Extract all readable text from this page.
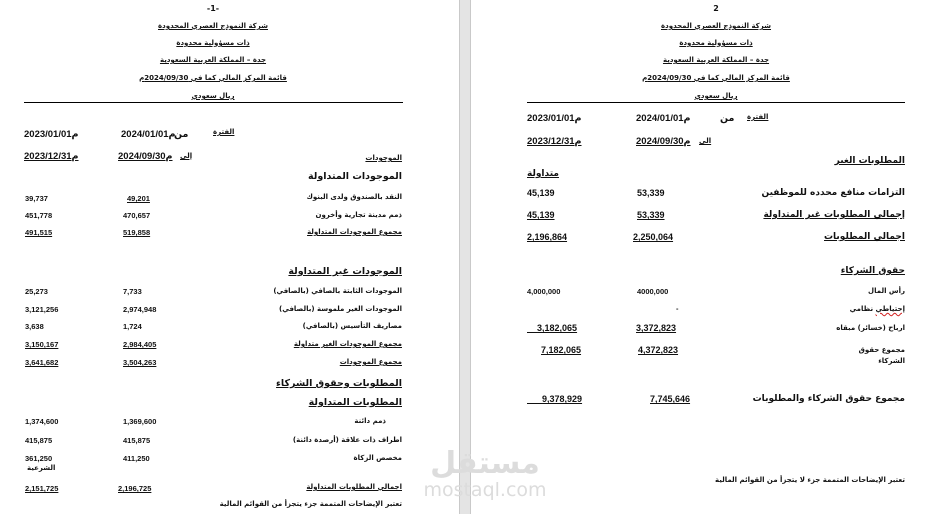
-1-
شركة النموذج العصري المحدودة
ذات مسؤولية محدودة
جدة – المملكة العربية السعودية
قائمة المركز المالي كما في 2024/09/30م
ريال سعودي
الفترة
من
2024/01/01م
2023/01/01م
إلى
2024/09/30م
2023/12/31م	الموجودات
الموجودات المتداولة
النقد بالصندوق ولدى البنوك
49,201
39,737
ذمم مدينة تجارية وأخرون
470,657
451,778
مجموع الموجودات المتداولة
519,858
491,515
الموجودات غير المتداولة
الموجودات الثابتة بالصافي (بالصافي)
7,733
25,273
الموجودات الغير ملموسة (بالصافي)
2,974,948
3,121,256
مصاريف التأسيس (بالصافي)
1,724
3,638
مجموع الموجودات الغير متداولة
2,984,405
3,150,167
مجموع الموجودات
3,504,263
3,641,682
المطلوبات وحقوق الشركاء
المطلوبات المتداولة
ذمم دائنة
1,369,600
1,374,600
اطراف ذات علاقة (أرصدة دائنة)
415,875
415,875
مخصص الزكاة
411,250
361,250
الشرعية
اجمالي المطلوبات المتداولة
2,196,725
2,151,725
تعتبر الإيضاحات المتممة جزء يتجزأ من القوائم المالية
2
شركة النموذج العصري المحدودة
ذات مسؤولية محدودة
جدة – المملكة العربية السعودية
قائمة المركز المالي كما في 2024/09/30م
ريال سعودي
الفترة
من
2024/01/01م
2023/01/01م
الى
2024/09/30م
2023/12/31م
المطلوبات الغير
متداولة
التزامات منافع محدده للموظفين
53,339
45,139
إجمالي المطلوبات غير المتداولة
53,339
45,139
اجمالي المطلوبات
2,250,064
2,196,864
حقوق الشركاء
رأس المال
4000,000
4,000,000
إحتياطي نظامي
-
ارباح (خسائر) مبقاه
3,372,823
3,182,065
مجموع حقوق
الشركاء
4,372,823
7,182,065
مجموع حقوق الشركاء والمطلوبات
7,745,646
9,378,929
تعتبر الإيضاحات المتممة جزء لا يتجزأ من القوائم المالية
مستقل
mostaql.com
